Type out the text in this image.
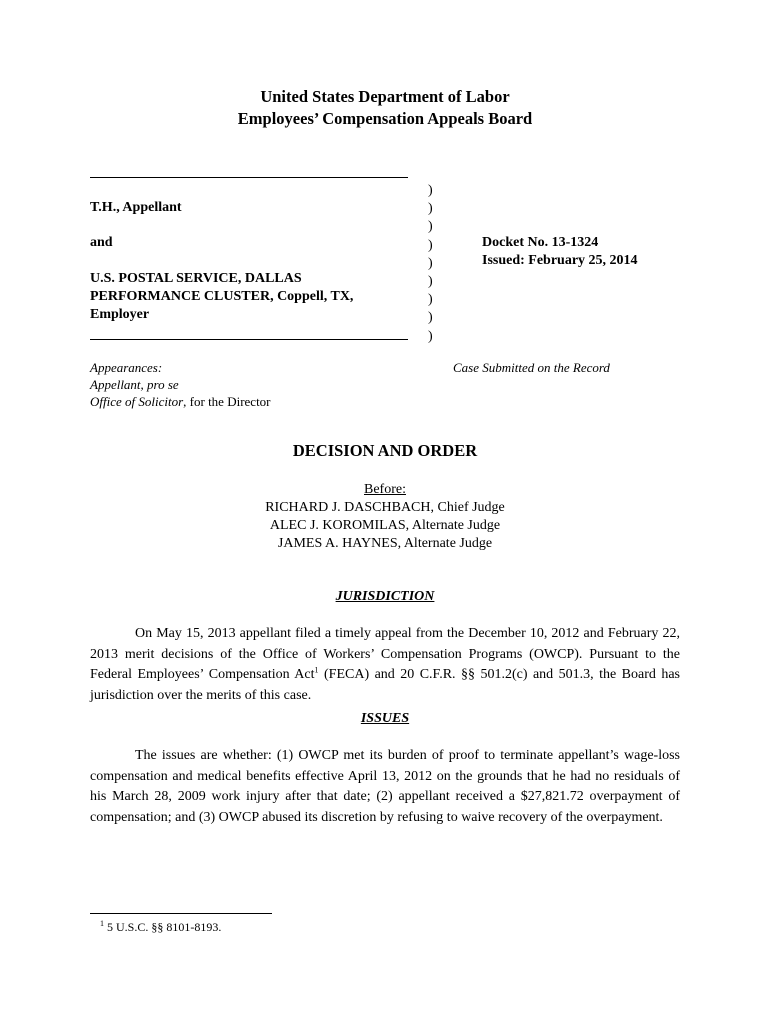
United States Department of Labor
Employees’ Compensation Appeals Board
T.H., Appellant
and
U.S. POSTAL SERVICE, DALLAS
PERFORMANCE CLUSTER, Coppell, TX,
Employer
)
)
)
)
)
)
)
)
)
Docket No. 13-1324
Issued: February 25, 2014
Appearances:
Appellant, pro se
Office of Solicitor, for the Director
Case Submitted on the Record
DECISION AND ORDER
Before:
RICHARD J. DASCHBACH, Chief Judge
ALEC J. KOROMILAS, Alternate Judge
JAMES A. HAYNES, Alternate Judge
JURISDICTION
On May 15, 2013 appellant filed a timely appeal from the December 10, 2012 and February 22, 2013 merit decisions of the Office of Workers’ Compensation Programs (OWCP). Pursuant to the Federal Employees’ Compensation Act$^1$ (FECA) and 20 C.F.R. §§ 501.2(c) and 501.3, the Board has jurisdiction over the merits of this case.
ISSUES
The issues are whether: (1) OWCP met its burden of proof to terminate appellant’s wage-loss compensation and medical benefits effective April 13, 2012 on the grounds that he had no residuals of his March 28, 2009 work injury after that date; (2) appellant received a $27,821.72 overpayment of compensation; and (3) OWCP abused its discretion by refusing to waive recovery of the overpayment.
$^1$ 5 U.S.C. §§ 8101-8193.
